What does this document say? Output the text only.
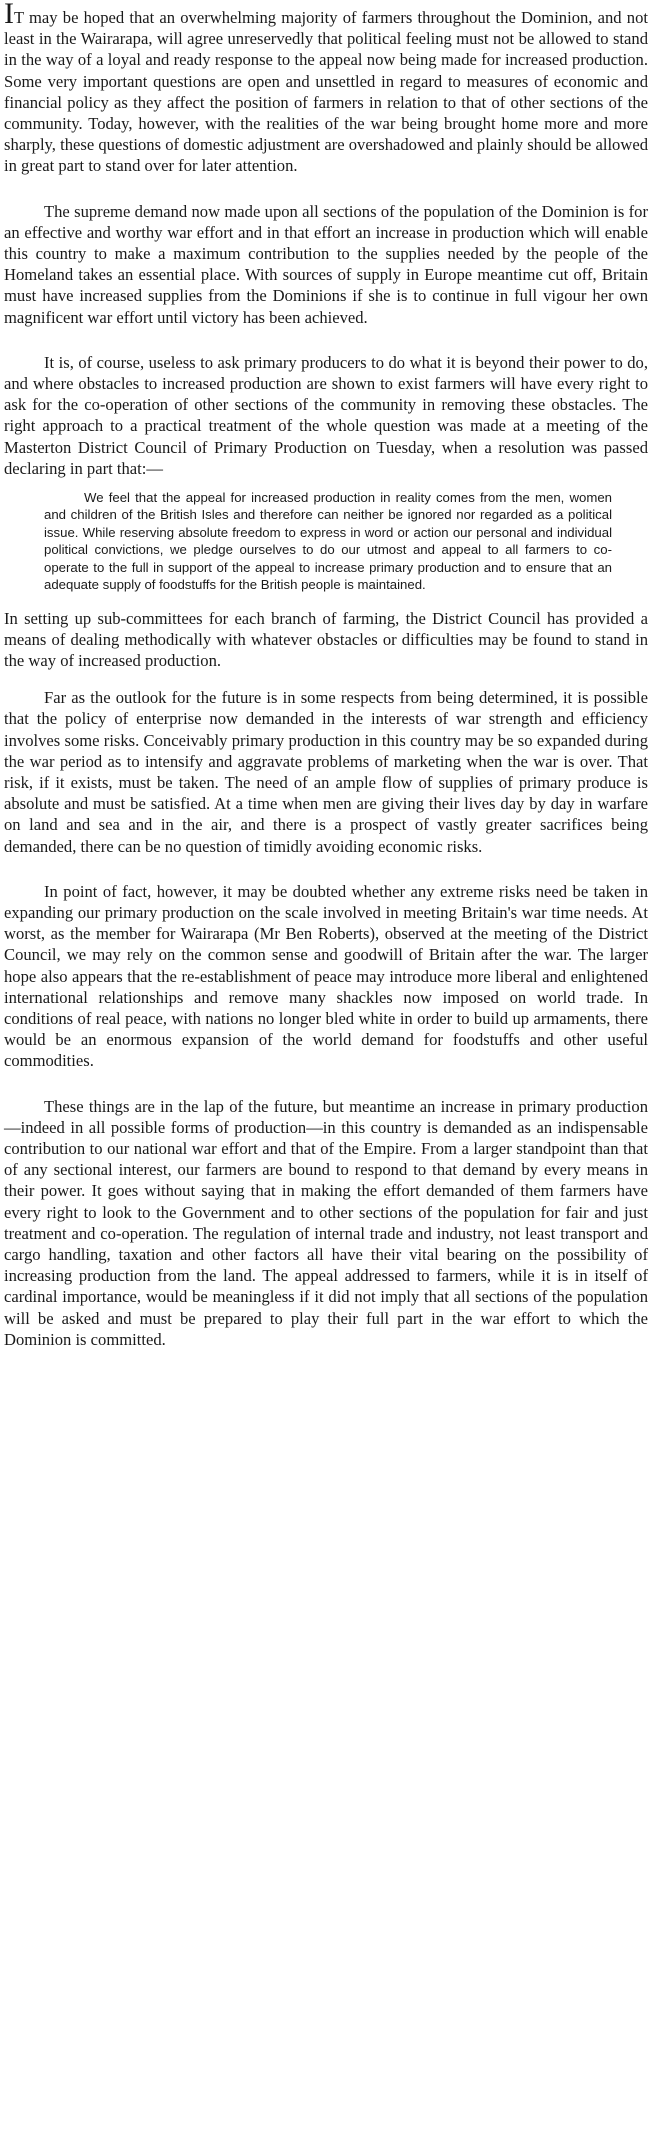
IT may be hoped that an overwhelming majority of farmers throughout the Dominion, and not least in the Wairarapa, will agree unreservedly that political feeling must not be allowed to stand in the way of a loyal and ready response to the appeal now being made for increased production. Some very important questions are open and unsettled in regard to measures of economic and financial policy as they affect the position of farmers in relation to that of other sections of the community. Today, however, with the realities of the war being brought home more and more sharply, these questions of domestic adjustment are overshadowed and plainly should be allowed in great part to stand over for later attention.

The supreme demand now made upon all sections of the population of the Dominion is for an effective and worthy war effort and in that effort an increase in production which will enable this country to make a maximum contribution to the supplies needed by the people of the Homeland takes an essential place. With sources of supply in Europe meantime cut off, Britain must have increased supplies from the Dominions if she is to continue in full vigour her own magnificent war effort until victory has been achieved.

It is, of course, useless to ask primary producers to do what it is beyond their power to do, and where obstacles to increased production are shown to exist farmers will have every right to ask for the co-operation of other sections of the community in removing these obstacles. The right approach to a practical treatment of the whole question was made at a meeting of the Masterton District Council of Primary Production on Tuesday, when a resolution was passed declaring in part that:—

We feel that the appeal for increased production in reality comes from the men, women and children of the British Isles and therefore can neither be ignored nor regarded as a political issue. While reserving absolute freedom to express in word or action our personal and individual political convictions, we pledge ourselves to do our utmost and appeal to all farmers to co-operate to the full in support of the appeal to increase primary production and to ensure that an adequate supply of foodstuffs for the British people is maintained.

In setting up sub-committees for each branch of farming, the District Council has provided a means of dealing methodically with whatever obstacles or difficulties may be found to stand in the way of increased production.

Far as the outlook for the future is in some respects from being determined, it is possible that the policy of enterprise now demanded in the interests of war strength and efficiency involves some risks. Conceivably primary production in this country may be so expanded during the war period as to intensify and aggravate problems of marketing when the war is over. That risk, if it exists, must be taken. The need of an ample flow of supplies of primary produce is absolute and must be satisfied. At a time when men are giving their lives day by day in warfare on land and sea and in the air, and there is a prospect of vastly greater sacrifices being demanded, there can be no question of timidly avoiding economic risks.

In point of fact, however, it may be doubted whether any extreme risks need be taken in expanding our primary production on the scale involved in meeting Britain's war time needs. At worst, as the member for Wairarapa (Mr Ben Roberts), observed at the meeting of the District Council, we may rely on the common sense and goodwill of Britain after the war. The larger hope also appears that the re-establishment of peace may introduce more liberal and enlightened international relationships and remove many shackles now imposed on world trade. In conditions of real peace, with nations no longer bled white in order to build up armaments, there would be an enormous expansion of the world demand for foodstuffs and other useful commodities.

These things are in the lap of the future, but meantime an increase in primary production—indeed in all possible forms of production—in this country is demanded as an indispensable contribution to our national war effort and that of the Empire. From a larger standpoint than that of any sectional interest, our farmers are bound to respond to that demand by every means in their power. It goes without saying that in making the effort demanded of them farmers have every right to look to the Government and to other sections of the population for fair and just treatment and co-operation. The regulation of internal trade and industry, not least transport and cargo handling, taxation and other factors all have their vital bearing on the possibility of increasing production from the land. The appeal addressed to farmers, while it is in itself of cardinal importance, would be meaningless if it did not imply that all sections of the population will be asked and must be prepared to play their full part in the war effort to which the Dominion is committed.
